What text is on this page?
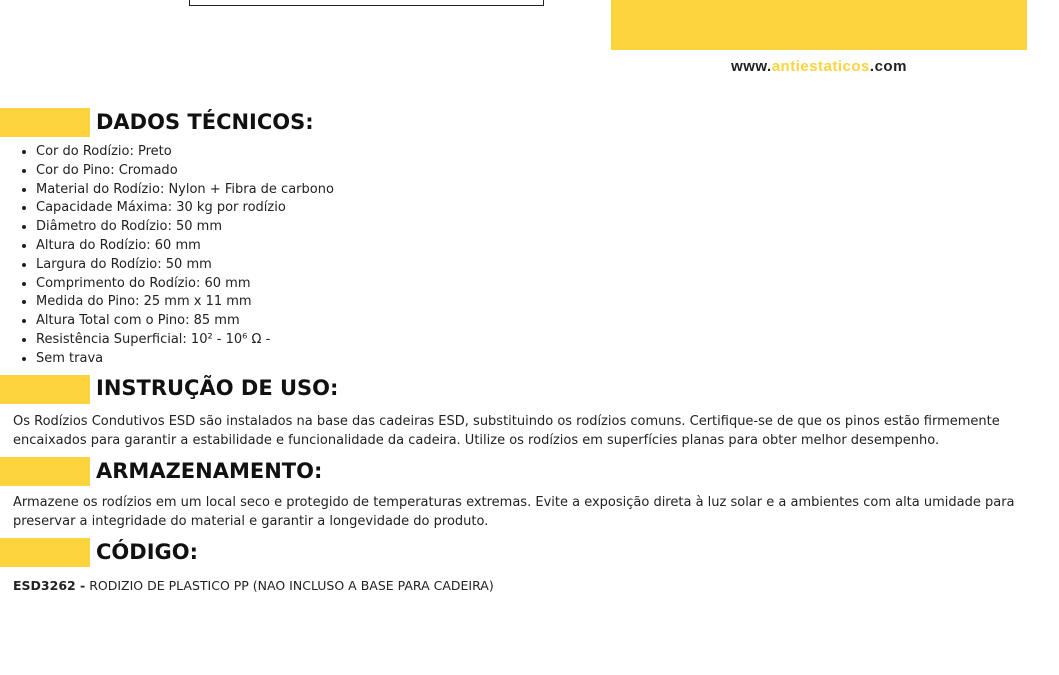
www.antiestaticos.com
DADOS TÉCNICOS:
• Cor do Rodízio: Preto
• Cor do Pino: Cromado
• Material do Rodízio: Nylon + Fibra de carbono
• Capacidade Máxima: 30 kg por rodízio
• Diâmetro do Rodízio: 50 mm
• Altura do Rodízio: 60 mm
• Largura do Rodízio: 50 mm
• Comprimento do Rodízio: 60 mm
• Medida do Pino: 25 mm x 11 mm
• Altura Total com o Pino: 85 mm
• Resistência Superficial: 10² - 10⁶ Ω -
• Sem trava
INSTRUÇÃO DE USO:

Os Rodízios Condutivos ESD são instalados na base das cadeiras ESD, substituindo os rodízios comuns. Certifique-se de que os pinos estão firmemente encaixados para garantir a estabilidade e funcionalidade da cadeira. Utilize os rodízios em superfícies planas para obter melhor desempenho.

ARMAZENAMENTO:

Armazene os rodízios em um local seco e protegido de temperaturas extremas. Evite a exposição direta à luz solar e a ambientes com alta umidade para preservar a integridade do material e garantir a longevidade do produto.

CÓDIGO:
ESD3262 - RODIZIO DE PLASTICO PP (NAO INCLUSO A BASE PARA CADEIRA)
